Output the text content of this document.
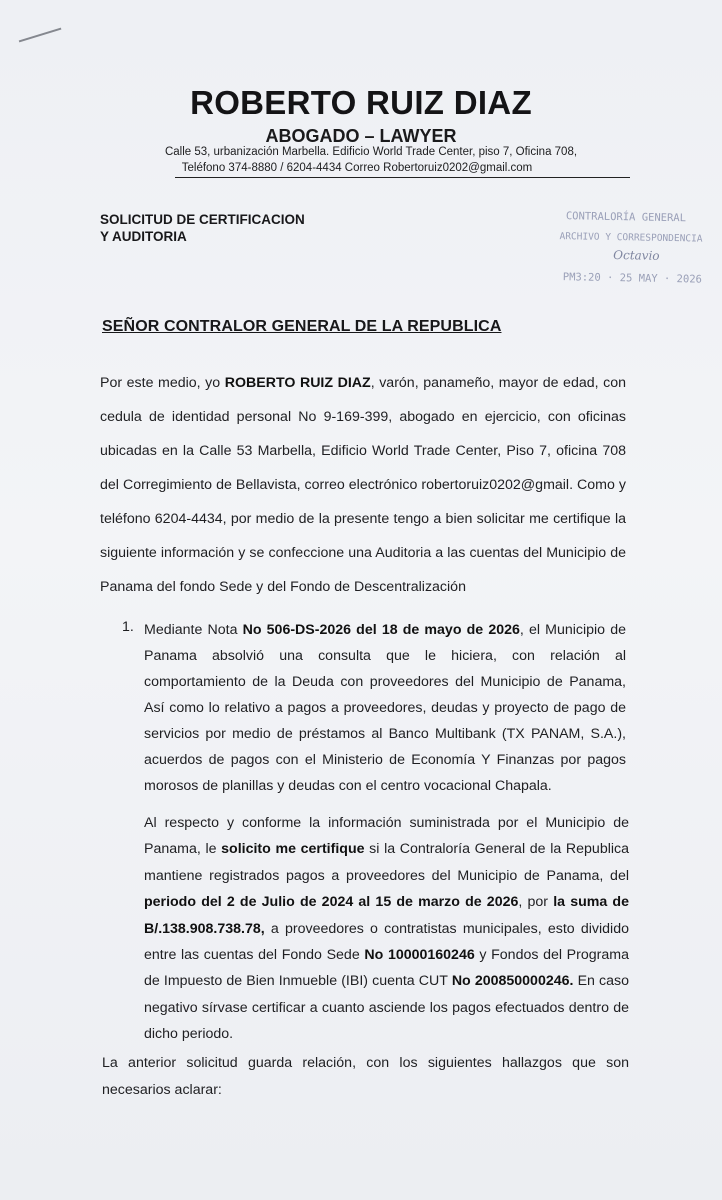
ROBERTO RUIZ DIAZ
ABOGADO – LAWYER
Calle 53, urbanización Marbella. Edificio World Trade Center, piso 7, Oficina 708,
Teléfono 374-8880 / 6204-4434 Correo Robertoruiz0202@gmail.com
SOLICITUD DE CERTIFICACION
Y AUDITORIA
CONTRALORÍA GENERAL
ARCHIVO Y CORRESPONDENCIA
Octavio
PM3:20 · 25 MAY · 2026
SEÑOR CONTRALOR GENERAL DE LA REPUBLICA
Por este medio, yo ROBERTO RUIZ DIAZ, varón, panameño, mayor de edad, con cedula de identidad personal No 9-169-399, abogado en ejercicio, con oficinas ubicadas en la Calle 53 Marbella, Edificio World Trade Center, Piso 7, oficina 708 del Corregimiento de Bellavista, correo electrónico robertoruiz0202@gmail. Como y teléfono 6204-4434, por medio de la presente tengo a bien solicitar me certifique la siguiente información y se confeccione una Auditoria a las cuentas del Municipio de Panama del fondo Sede y del Fondo de Descentralización
1. Mediante Nota No 506-DS-2026 del 18 de mayo de 2026, el Municipio de Panama absolvió una consulta que le hiciera, con relación al comportamiento de la Deuda con proveedores del Municipio de Panama, Así como lo relativo a pagos a proveedores, deudas y proyecto de pago de servicios por medio de préstamos al Banco Multibank (TX PANAM, S.A.), acuerdos de pagos con el Ministerio de Economía Y Finanzas por pagos morosos de planillas y deudas con el centro vocacional Chapala.
Al respecto y conforme la información suministrada por el Municipio de Panama, le solicito me certifique si la Contraloría General de la Republica mantiene registrados pagos a proveedores del Municipio de Panama, del periodo del 2 de Julio de 2024 al 15 de marzo de 2026, por la suma de B/.138.908.738.78, a proveedores o contratistas municipales, esto dividido entre las cuentas del Fondo Sede No 10000160246 y Fondos del Programa de Impuesto de Bien Inmueble (IBI) cuenta CUT No 200850000246. En caso negativo sírvase certificar a cuanto asciende los pagos efectuados dentro de dicho periodo.
La anterior solicitud guarda relación, con los siguientes hallazgos que son necesarios aclarar:
